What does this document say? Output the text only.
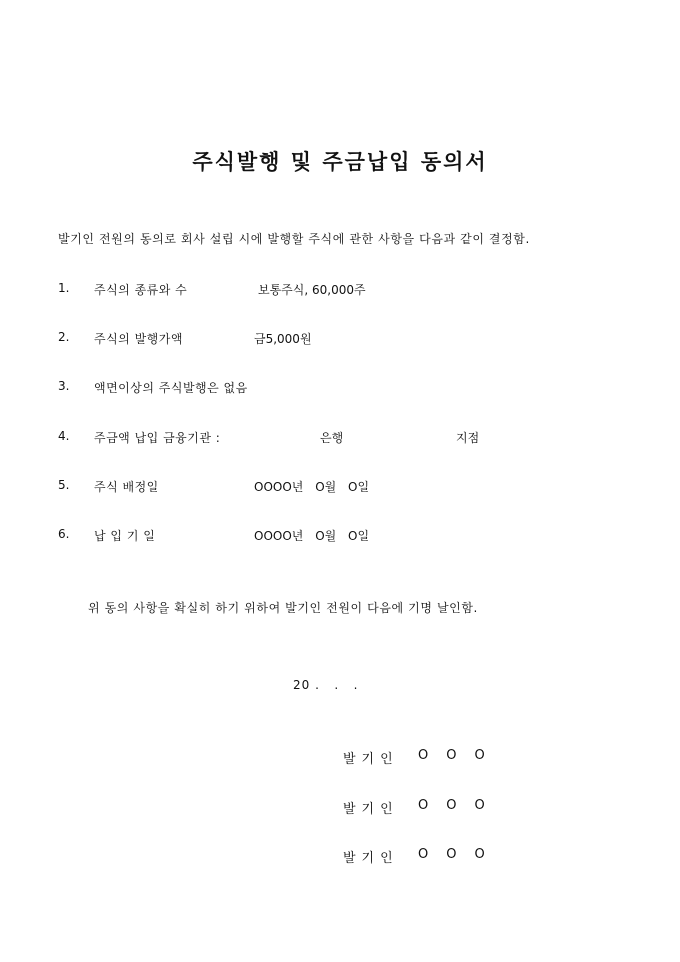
주식발행 및 주금납입 동의서
발기인 전원의 동의로 회사 설립 시에 발행할 주식에 관한 사항을 다음과 같이 결정함.
1. 주식의 종류와 수	보통주식, 60,000주
2. 주식의 발행가액	금5,000원
3. 액면이상의 주식발행은 없음
4. 주금액 납입 금융기관 :	은행	지점
5. 주식 배정일	OOOO년 O월 O일
6. 납 입 기 일	OOOO년 O월 O일
위 동의 사항을 확실히 하기 위하여 발기인 전원이 다음에 기명 날인함.
20 .   .   .
발기인 OOO
발기인 OOO
발기인 OOO
